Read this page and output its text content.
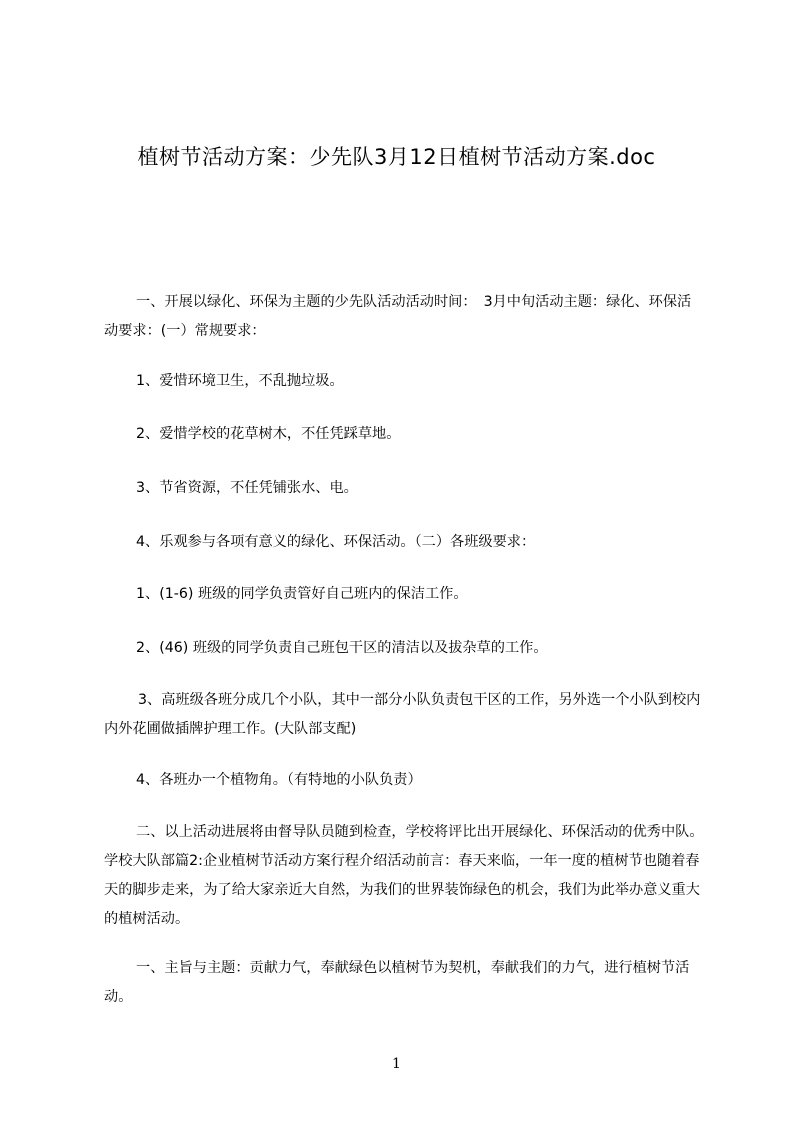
植树节活动方案：少先队3月12日植树节活动方案.doc

一、开展以绿化、环保为主题的少先队活动活动时间：　3月中旬活动主题：绿化、环保活动要求：(一）常规要求：

1、爱惜环境卫生，不乱抛垃圾。

2、爱惜学校的花草树木，不任凭踩草地。

3、节省资源，不任凭铺张水、电。

4、乐观参与各项有意义的绿化、环保活动。（二）各班级要求：

1、(1-6) 班级的同学负责管好自己班内的保洁工作。

2、(46) 班级的同学负责自己班包干区的清洁以及拔杂草的工作。

3、高班级各班分成几个小队，其中一部分小队负责包干区的工作，另外选一个小队到校内内外花圃做插牌护理工作。(大队部支配)

4、各班办一个植物角。（有特地的小队负责）

二、以上活动进展将由督导队员随到检查，学校将评比出开展绿化、环保活动的优秀中队。学校大队部篇2:企业植树节活动方案行程介绍活动前言：春天来临，一年一度的植树节也随着春天的脚步走来，为了给大家亲近大自然，为我们的世界装饰绿色的机会，我们为此举办意义重大的植树活动。

一、主旨与主题：贡献力气，奉献绿色以植树节为契机，奉献我们的力气，进行植树节活动。

1
